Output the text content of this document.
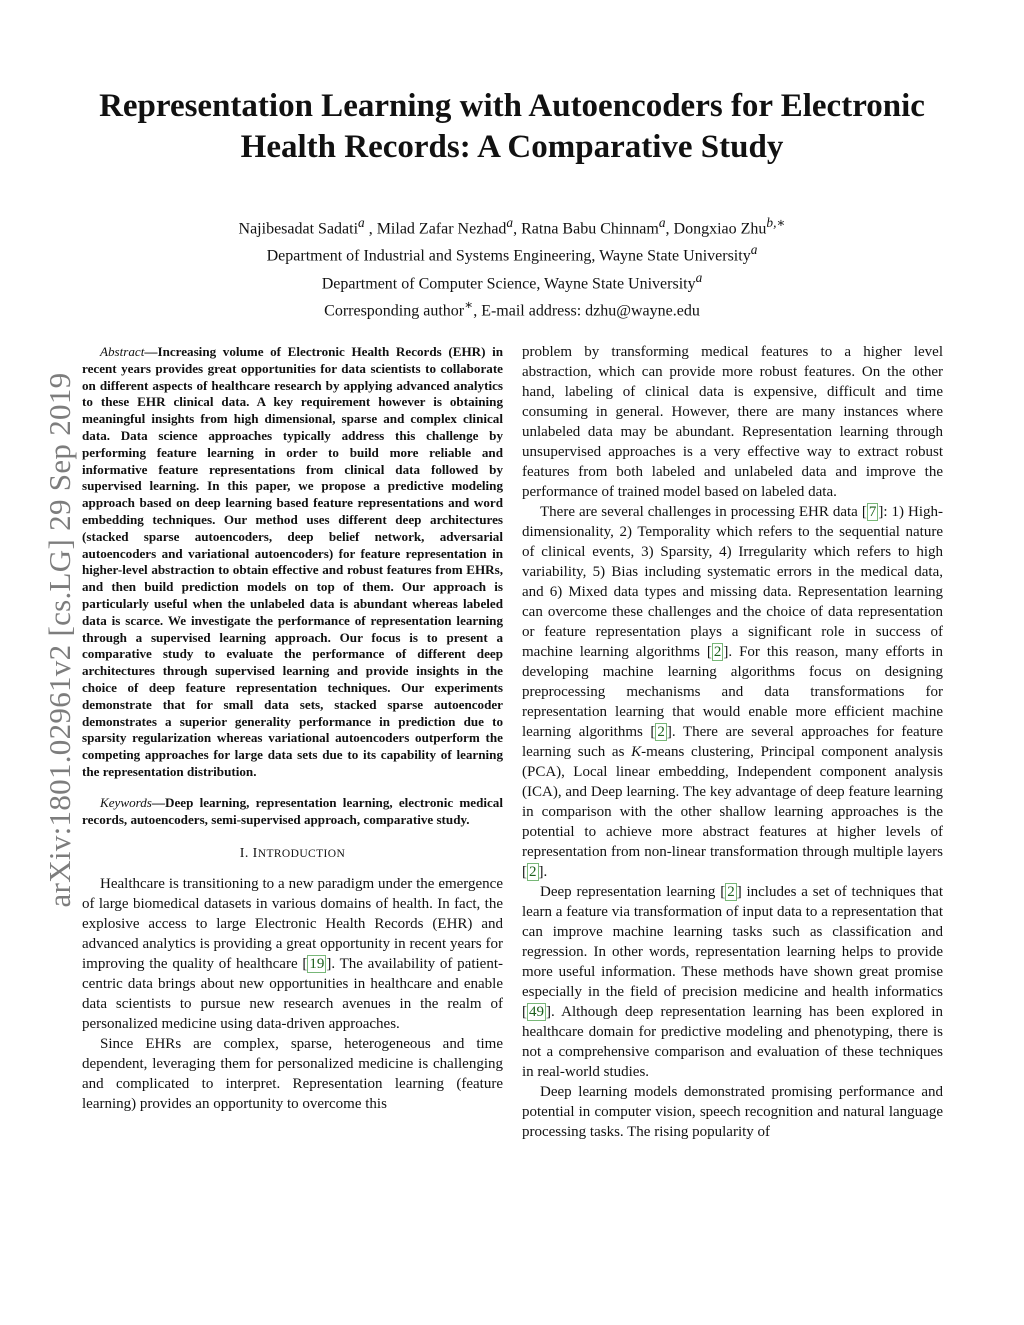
arXiv:1801.02961v2 [cs.LG] 29 Sep 2019
Representation Learning with Autoencoders for Electronic Health Records: A Comparative Study

Najibesadat Sadati$^a$ , Milad Zafar Nezhad$^a$, Ratna Babu Chinnam$^a$, Dongxiao Zhu$^{b,∗}$

Department of Industrial and Systems Engineering, Wayne State University$^a$

Department of Computer Science, Wayne State University$^a$

Corresponding author∗, E-mail address: dzhu@wayne.edu

Abstract—Increasing volume of Electronic Health Records (EHR) in recent years provides great opportunities for data scientists to collaborate on different aspects of healthcare research by applying advanced analytics to these EHR clinical data. A key requirement however is obtaining meaningful insights from high dimensional, sparse and complex clinical data. Data science approaches typically address this challenge by performing feature learning in order to build more reliable and informative feature representations from clinical data followed by supervised learning. In this paper, we propose a predictive modeling approach based on deep learning based feature representations and word embedding techniques. Our method uses different deep architectures (stacked sparse autoencoders, deep belief network, adversarial autoencoders and variational autoencoders) for feature representation in higher-level abstraction to obtain effective and robust features from EHRs, and then build prediction models on top of them. Our approach is particularly useful when the unlabeled data is abundant whereas labeled data is scarce. We investigate the performance of representation learning through a supervised learning approach. Our focus is to present a comparative study to evaluate the performance of different deep architectures through supervised learning and provide insights in the choice of deep feature representation techniques. Our experiments demonstrate that for small data sets, stacked sparse autoencoder demonstrates a superior generality performance in prediction due to sparsity regularization whereas variational autoencoders outperform the competing approaches for large data sets due to its capability of learning the representation distribution.

Keywords—Deep learning, representation learning, electronic medical records, autoencoders, semi-supervised approach, comparative study.

I. INTRODUCTION

Healthcare is transitioning to a new paradigm under the emergence of large biomedical datasets in various domains of health. In fact, the explosive access to large Electronic Health Records (EHR) and advanced analytics is providing a great opportunity in recent years for improving the quality of healthcare [ 19 ]. The availability of patient-centric data brings about new opportunities in healthcare and enable data scientists to pursue new research avenues in the realm of personalized medicine using data-driven approaches.

Since EHRs are complex, sparse, heterogeneous and time dependent, leveraging them for personalized medicine is challenging and complicated to interpret. Representation learning (feature learning) provides an opportunity to overcome this

problem by transforming medical features to a higher level abstraction, which can provide more robust features. On the other hand, labeling of clinical data is expensive, difficult and time consuming in general. However, there are many instances where unlabeled data may be abundant. Representation learning through unsupervised approaches is a very effective way to extract robust features from both labeled and unlabeled data and improve the performance of trained model based on labeled data.

There are several challenges in processing EHR data [ 7 ]: 1) High-dimensionality, 2) Temporality which refers to the sequential nature of clinical events, 3) Sparsity, 4) Irregularity which refers to high variability, 5) Bias including systematic errors in the medical data, and 6) Mixed data types and missing data. Representation learning can overcome these challenges and the choice of data representation or feature representation plays a significant role in success of machine learning algorithms [ 2 ]. For this reason, many efforts in developing machine learning algorithms focus on designing preprocessing mechanisms and data transformations for representation learning that would enable more efficient machine learning algorithms [ 2 ]. There are several approaches for feature learning such as K-means clustering, Principal component analysis (PCA), Local linear embedding, Independent component analysis (ICA), and Deep learning. The key advantage of deep feature learning in comparison with the other shallow learning approaches is the potential to achieve more abstract features at higher levels of representation from non-linear transformation through multiple layers [ 2 ].

Deep representation learning [ 2 ] includes a set of techniques that learn a feature via transformation of input data to a representation that can improve machine learning tasks such as classification and regression. In other words, representation learning helps to provide more useful information. These methods have shown great promise especially in the field of precision medicine and health informatics [ 49 ]. Although deep representation learning has been explored in healthcare domain for predictive modeling and phenotyping, there is not a comprehensive comparison and evaluation of these techniques in real-world studies.

Deep learning models demonstrated promising performance and potential in computer vision, speech recognition and natural language processing tasks. The rising popularity of
